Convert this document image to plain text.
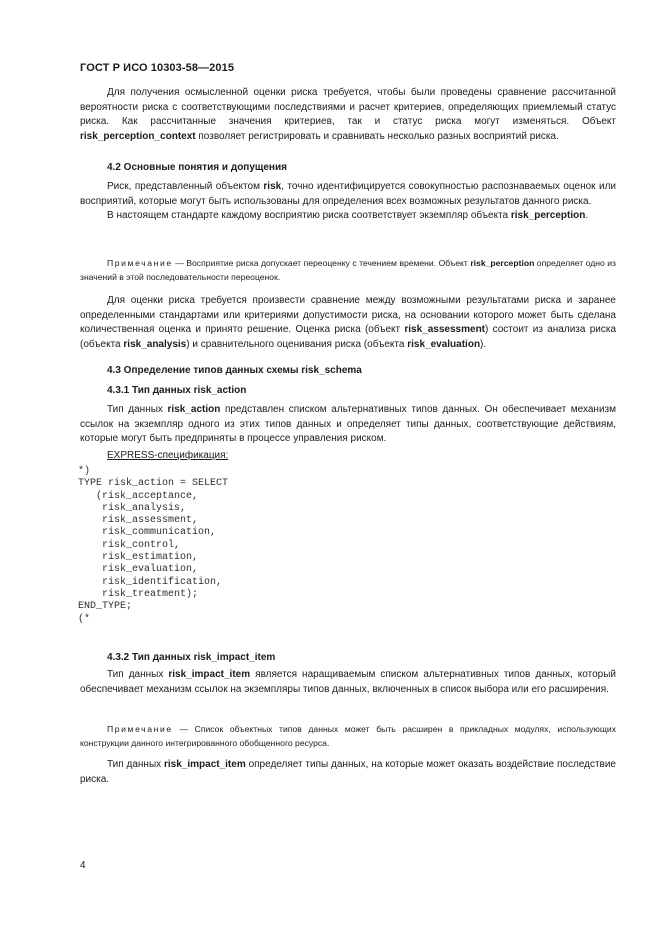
ГОСТ Р ИСО 10303-58—2015

Для получения осмысленной оценки риска требуется, чтобы были проведены сравнение рассчитанной вероятности риска с соответствующими последствиями и расчет критериев, определяющих приемлемый статус риска. Как рассчитанные значения критериев, так и статус риска могут изменяться. Объект risk_perception_context позволяет регистрировать и сравнивать несколько разных восприятий риска.

4.2 Основные понятия и допущения

Риск, представленный объектом risk, точно идентифицируется совокупностью распознаваемых оценок или восприятий, которые могут быть использованы для определения всех возможных результатов данного риска.

В настоящем стандарте каждому восприятию риска соответствует экземпляр объекта risk_perception.

Примечание — Восприятие риска допускает переоценку с течением времени. Объект risk_perception определяет одно из значений в этой последовательности переоценок.

Для оценки риска требуется произвести сравнение между возможными результатами риска и заранее определенными стандартами или критериями допустимости риска, на основании которого может быть сделана количественная оценка и принято решение. Оценка риска (объект risk_assessment) состоит из анализа риска (объекта risk_analysis) и сравнительного оценивания риска (объекта risk_evaluation).

4.3 Определение типов данных схемы risk_schema
4.3.1 Тип данных risk_action

Тип данных risk_action представлен списком альтернативных типов данных. Он обеспечивает механизм ссылок на экземпляр одного из этих типов данных и определяет типы данных, соответствующие действиям, которые могут быть предприняты в процессе управления риском.

EXPRESS-спецификация:
*)
TYPE risk_action = SELECT
(risk_acceptance,
risk_analysis,
risk_assessment,
risk_communication,
risk_control,
risk_estimation,
risk_evaluation,
risk_identification,
risk_treatment);
END_TYPE;
(*
4.3.2 Тип данных risk_impact_item

Тип данных risk_impact_item является наращиваемым списком альтернативных типов данных, который обеспечивает механизм ссылок на экземпляры типов данных, включенных в список выбора или его расширения.

Примечание — Список объектных типов данных может быть расширен в прикладных модулях, использующих конструкции данного интегрированного обобщенного ресурса.

Тип данных risk_impact_item определяет типы данных, на которые может оказать воздействие последствие риска.

4
